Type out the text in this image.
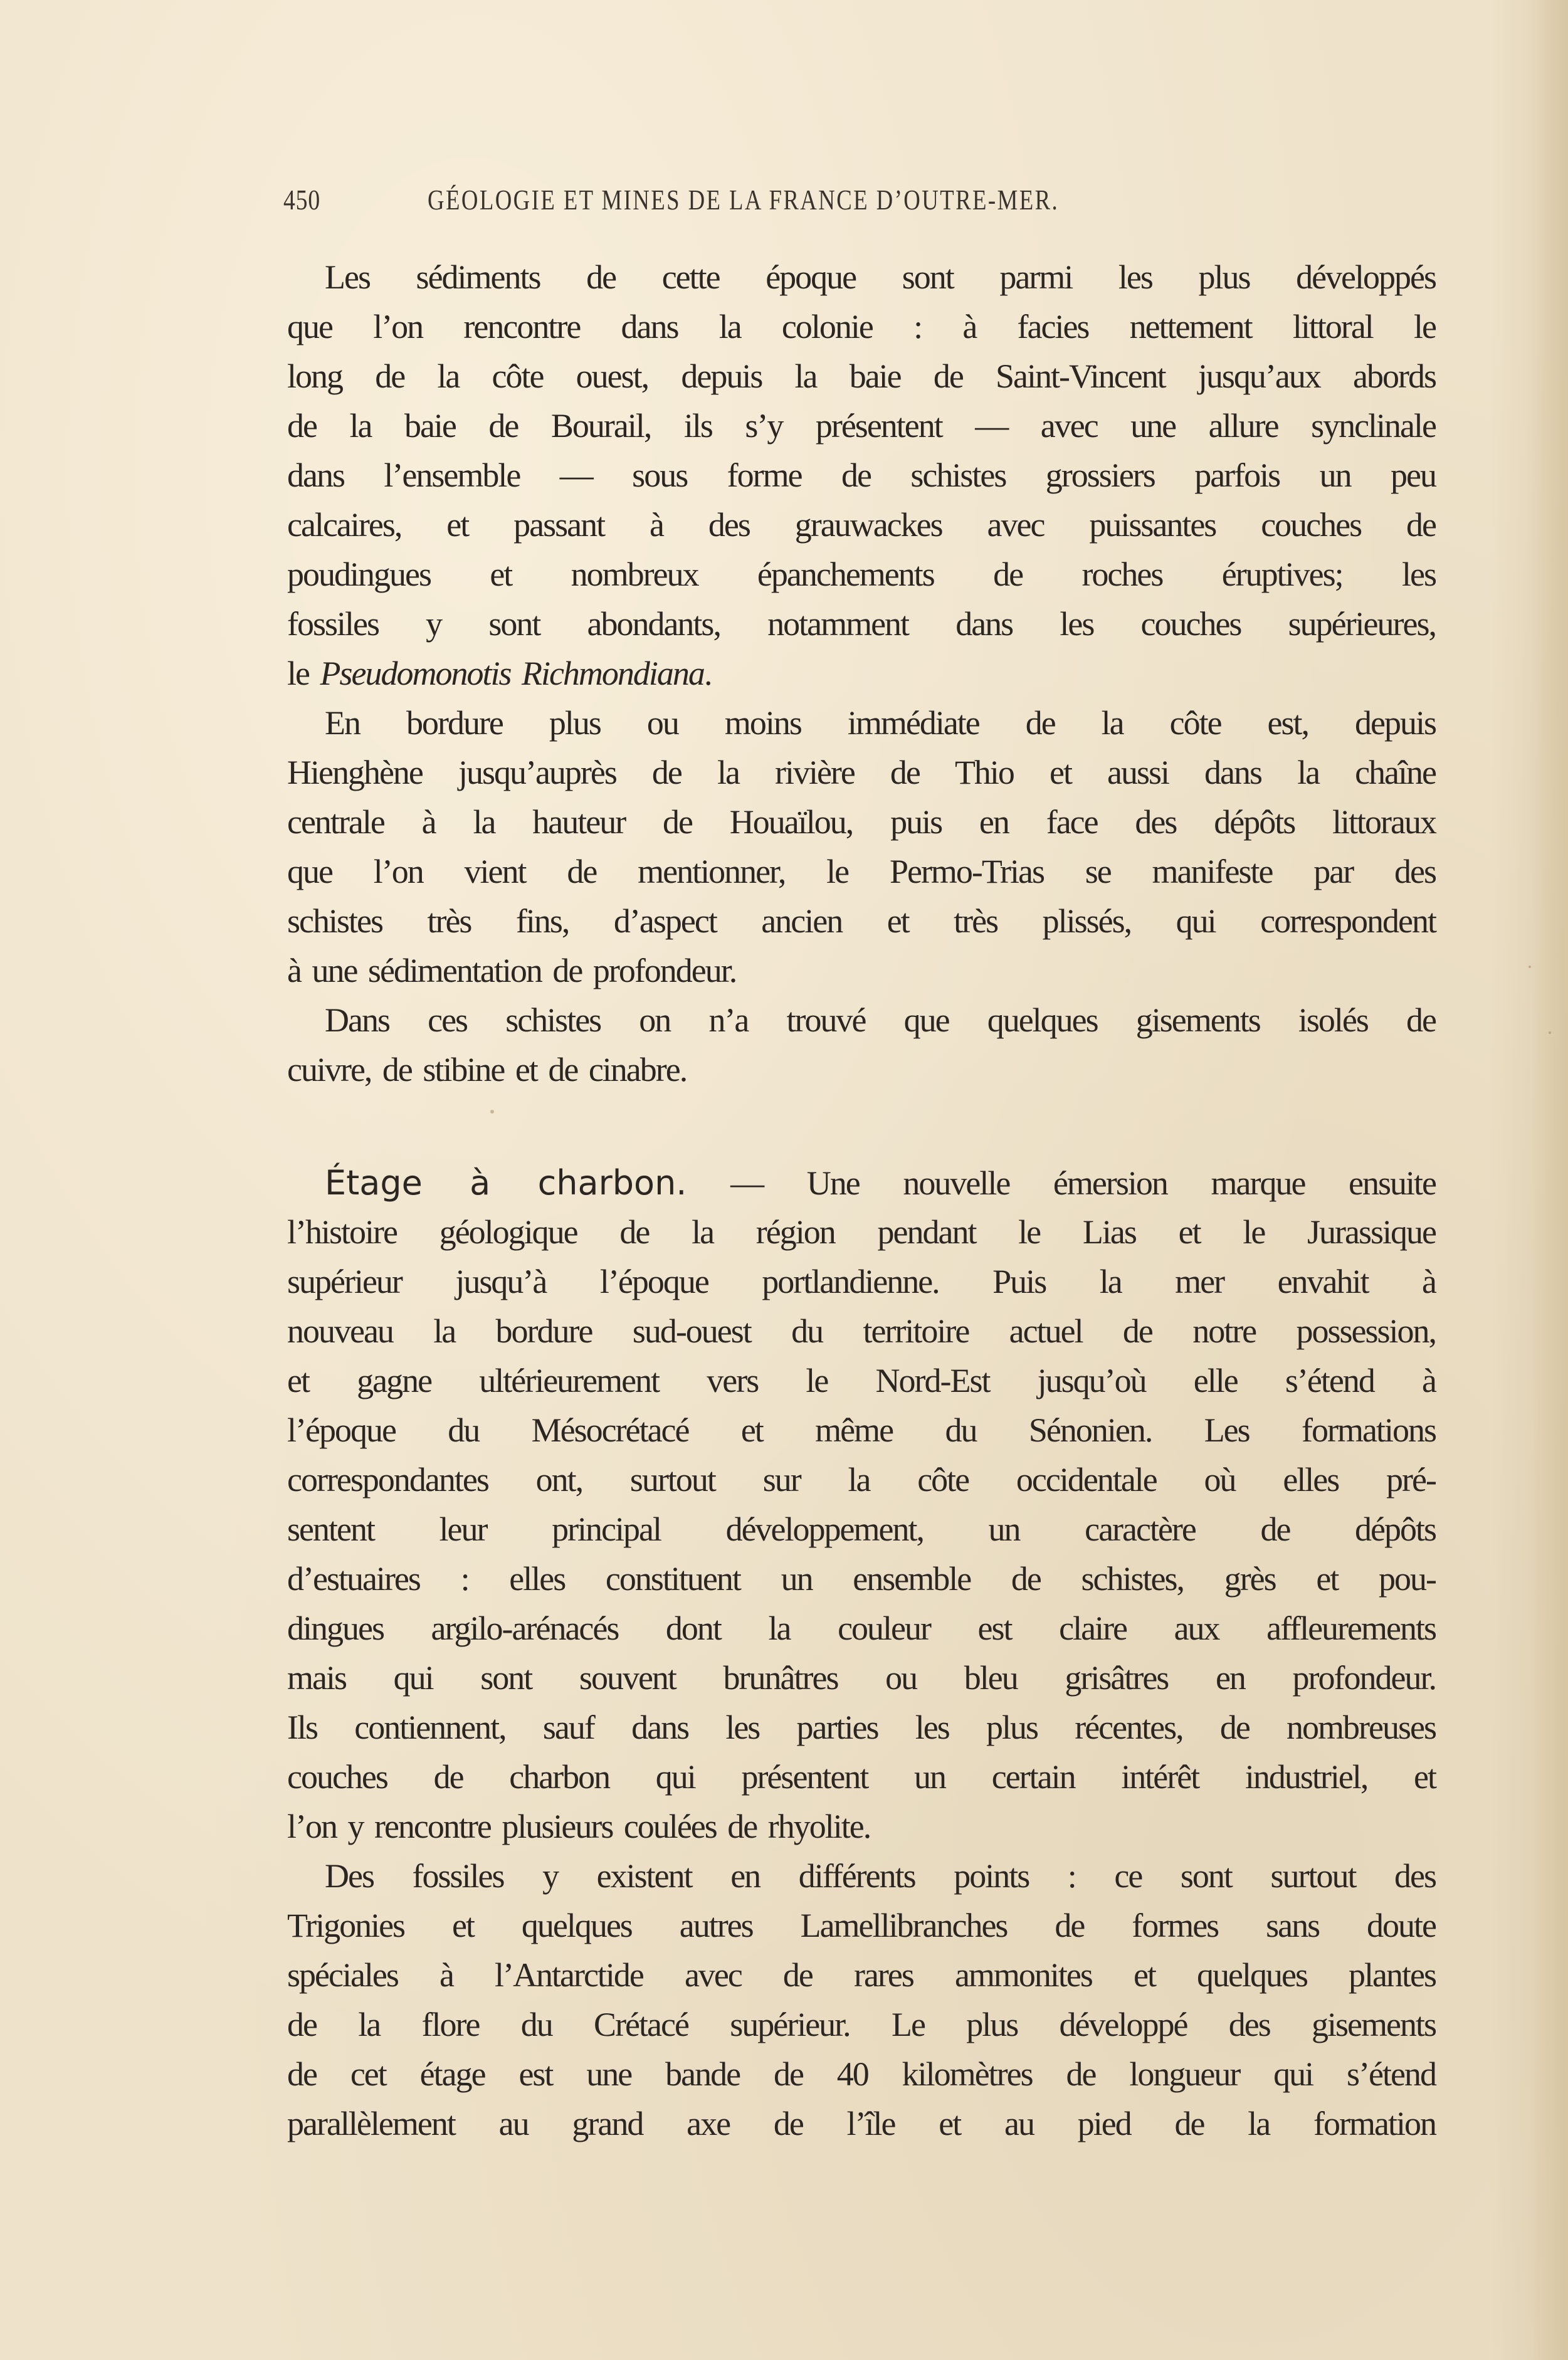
450	GÉOLOGIE ET MINES DE LA FRANCE D’OUTRE-MER.
Les sédiments de cette époque sont parmi les plus développés
que l’on rencontre dans la colonie : à facies nettement littoral le
long de la côte ouest, depuis la baie de Saint-Vincent jusqu’aux abords
de la baie de Bourail, ils s’y présentent — avec une allure synclinale
dans l’ensemble — sous forme de schistes grossiers parfois un peu
calcaires, et passant à des grauwackes avec puissantes couches de
poudingues et nombreux épanchements de roches éruptives; les
fossiles y sont abondants, notamment dans les couches supérieures,
le Pseudomonotis Richmondiana.
En bordure plus ou moins immédiate de la côte est, depuis
Hienghène jusqu’auprès de la rivière de Thio et aussi dans la chaîne
centrale à la hauteur de Houaïlou, puis en face des dépôts littoraux
que l’on vient de mentionner, le Permo-Trias se manifeste par des
schistes très fins, d’aspect ancien et très plissés, qui correspondent
à une sédimentation de profondeur.
Dans ces schistes on n’a trouvé que quelques gisements isolés de
cuivre, de stibine et de cinabre.
Étage à charbon. — Une nouvelle émersion marque ensuite
l’histoire géologique de la région pendant le Lias et le Jurassique
supérieur jusqu’à l’époque portlandienne. Puis la mer envahit à
nouveau la bordure sud-ouest du territoire actuel de notre possession,
et gagne ultérieurement vers le Nord-Est jusqu’où elle s’étend à
l’époque du Mésocrétacé et même du Sénonien. Les formations
correspondantes ont, surtout sur la côte occidentale où elles pré-
sentent leur principal développement, un caractère de dépôts
d’estuaires : elles constituent un ensemble de schistes, grès et pou-
dingues argilo-arénacés dont la couleur est claire aux affleurements
mais qui sont souvent brunâtres ou bleu grisâtres en profondeur.
Ils contiennent, sauf dans les parties les plus récentes, de nombreuses
couches de charbon qui présentent un certain intérêt industriel, et
l’on y rencontre plusieurs coulées de rhyolite.
Des fossiles y existent en différents points : ce sont surtout des
Trigonies et quelques autres Lamellibranches de formes sans doute
spéciales à l’Antarctide avec de rares ammonites et quelques plantes
de la flore du Crétacé supérieur. Le plus développé des gisements
de cet étage est une bande de 40 kilomètres de longueur qui s’étend
parallèlement au grand axe de l’île et au pied de la formation
